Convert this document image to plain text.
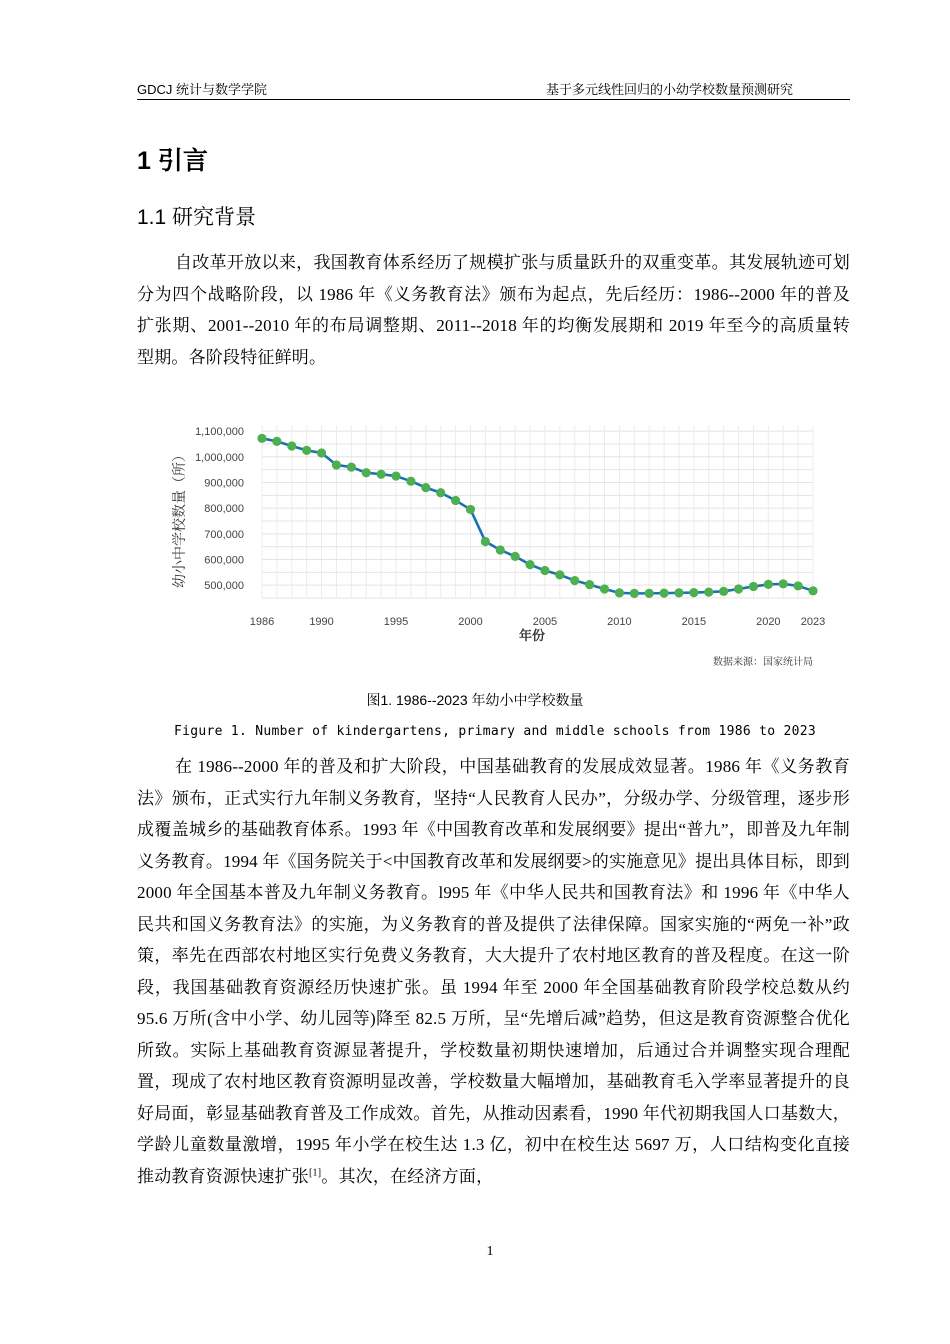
GDCJ 统计与数学学院	基于多元线性回归的小幼学校数量预测研究
1 引言
1.1 研究背景

自改革开放以来，我国教育体系经历了规模扩张与质量跃升的双重变革。其发展轨迹可划分为四个战略阶段，以 1986 年《义务教育法》颁布为起点，先后经历：1986--2000 年的普及扩张期、2001--2010 年的布局调整期、2011--2018 年的均衡发展期和 2019 年至今的高质量转型期。各阶段特征鲜明。

500,000
600,000
700,000
800,000
900,000
1,000,000
1,100,000
1986	1990	1995	2000	2005	2010	2015	2020 2023
年份
幼小中学校数量（所）
数据来源：国家统计局
图1. 1986--2023 年幼小中学校数量
Figure 1. Number of kindergartens, primary and middle schools from 1986 to 2023

在 1986--2000 年的普及和扩大阶段，中国基础教育的发展成效显著。1986 年《义务教育法》颁布，正式实行九年制义务教育，坚持“人民教育人民办”，分级办学、分级管理，逐步形成覆盖城乡的基础教育体系。1993 年《中国教育改革和发展纲要》提出“普九”，即普及九年制义务教育。1994 年《国务院关于<中国教育改革和发展纲要>的实施意见》提出具体目标，即到 2000 年全国基本普及九年制义务教育。l995 年《中华人民共和国教育法》和 1996 年《中华人民共和国义务教育法》的实施，为义务教育的普及提供了法律保障。国家实施的“两免一补”政策，率先在西部农村地区实行免费义务教育，大大提升了农村地区教育的普及程度。在这一阶段，我国基础教育资源经历快速扩张。虽 1994 年至 2000 年全国基础教育阶段学校总数从约 95.6 万所(含中小学、幼儿园等)降至 82.5 万所，呈“先增后减”趋势，但这是教育资源整合优化所致。实际上基础教育资源显著提升，学校数量初期快速增加，后通过合并调整实现合理配置，现成了农村地区教育资源明显改善，学校数量大幅增加，基础教育毛入学率显著提升的良好局面，彰显基础教育普及工作成效。首先，从推动因素看，1990 年代初期我国人口基数大，学龄儿童数量激增，1995 年小学在校生达 1.3 亿，初中在校生达 5697 万，人口结构变化直接推动教育资源快速扩张[1]。其次，在经济方面，

1
